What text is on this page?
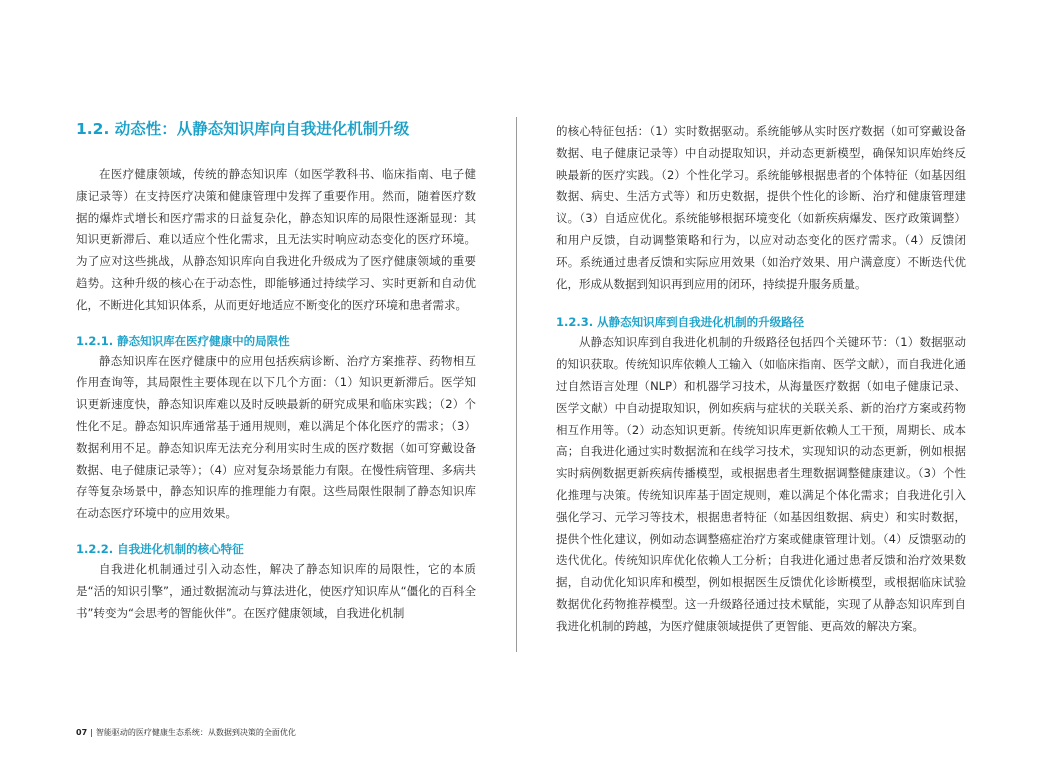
1.2. 动态性：从静态知识库向自我进化机制升级

在医疗健康领域，传统的静态知识库（如医学教科书、临床指南、电子健康记录等）在支持医疗决策和健康管理中发挥了重要作用。然而，随着医疗数据的爆炸式增长和医疗需求的日益复杂化，静态知识库的局限性逐渐显现：其知识更新滞后、难以适应个性化需求，且无法实时响应动态变化的医疗环境。为了应对这些挑战，从静态知识库向自我进化升级成为了医疗健康领域的重要趋势。这种升级的核心在于动态性，即能够通过持续学习、实时更新和自动优化，不断进化其知识体系，从而更好地适应不断变化的医疗环境和患者需求。

1.2.1. 静态知识库在医疗健康中的局限性

静态知识库在医疗健康中的应用包括疾病诊断、治疗方案推荐、药物相互作用查询等，其局限性主要体现在以下几个方面：（1）知识更新滞后。医学知识更新速度快，静态知识库难以及时反映最新的研究成果和临床实践；（2）个性化不足。静态知识库通常基于通用规则，难以满足个体化医疗的需求；（3）数据利用不足。静态知识库无法充分利用实时生成的医疗数据（如可穿戴设备数据、电子健康记录等）；（4）应对复杂场景能力有限。在慢性病管理、多病共存等复杂场景中，静态知识库的推理能力有限。这些局限性限制了静态知识库在动态医疗环境中的应用效果。

1.2.2. 自我进化机制的核心特征

自我进化机制通过引入动态性，解决了静态知识库的局限性，它的本质是“活的知识引擎”，通过数据流动与算法进化，使医疗知识库从“僵化的百科全书”转变为“会思考的智能伙伴”。在医疗健康领域，自我进化机制

的核心特征包括：（1）实时数据驱动。系统能够从实时医疗数据（如可穿戴设备数据、电子健康记录等）中自动提取知识，并动态更新模型，确保知识库始终反映最新的医疗实践。（2）个性化学习。系统能够根据患者的个体特征（如基因组数据、病史、生活方式等）和历史数据，提供个性化的诊断、治疗和健康管理建议。（3）自适应优化。系统能够根据环境变化（如新疾病爆发、医疗政策调整）和用户反馈，自动调整策略和行为，以应对动态变化的医疗需求。（4）反馈闭环。系统通过患者反馈和实际应用效果（如治疗效果、用户满意度）不断迭代优化，形成从数据到知识再到应用的闭环，持续提升服务质量。

1.2.3. 从静态知识库到自我进化机制的升级路径

从静态知识库到自我进化机制的升级路径包括四个关键环节：（1）数据驱动的知识获取。传统知识库依赖人工输入（如临床指南、医学文献），而自我进化通过自然语言处理（NLP）和机器学习技术，从海量医疗数据（如电子健康记录、医学文献）中自动提取知识，例如疾病与症状的关联关系、新的治疗方案或药物相互作用等。（2）动态知识更新。传统知识库更新依赖人工干预，周期长、成本高；自我进化通过实时数据流和在线学习技术，实现知识的动态更新，例如根据实时病例数据更新疾病传播模型，或根据患者生理数据调整健康建议。（3）个性化推理与决策。传统知识库基于固定规则，难以满足个体化需求；自我进化引入强化学习、元学习等技术，根据患者特征（如基因组数据、病史）和实时数据，提供个性化建议，例如动态调整癌症治疗方案或健康管理计划。（4）反馈驱动的迭代优化。传统知识库优化依赖人工分析；自我进化通过患者反馈和治疗效果数据，自动优化知识库和模型，例如根据医生反馈优化诊断模型，或根据临床试验数据优化药物推荐模型。这一升级路径通过技术赋能，实现了从静态知识库到自我进化机制的跨越，为医疗健康领域提供了更智能、更高效的解决方案。

07 | 智能驱动的医疗健康生态系统：从数据到决策的全面优化
